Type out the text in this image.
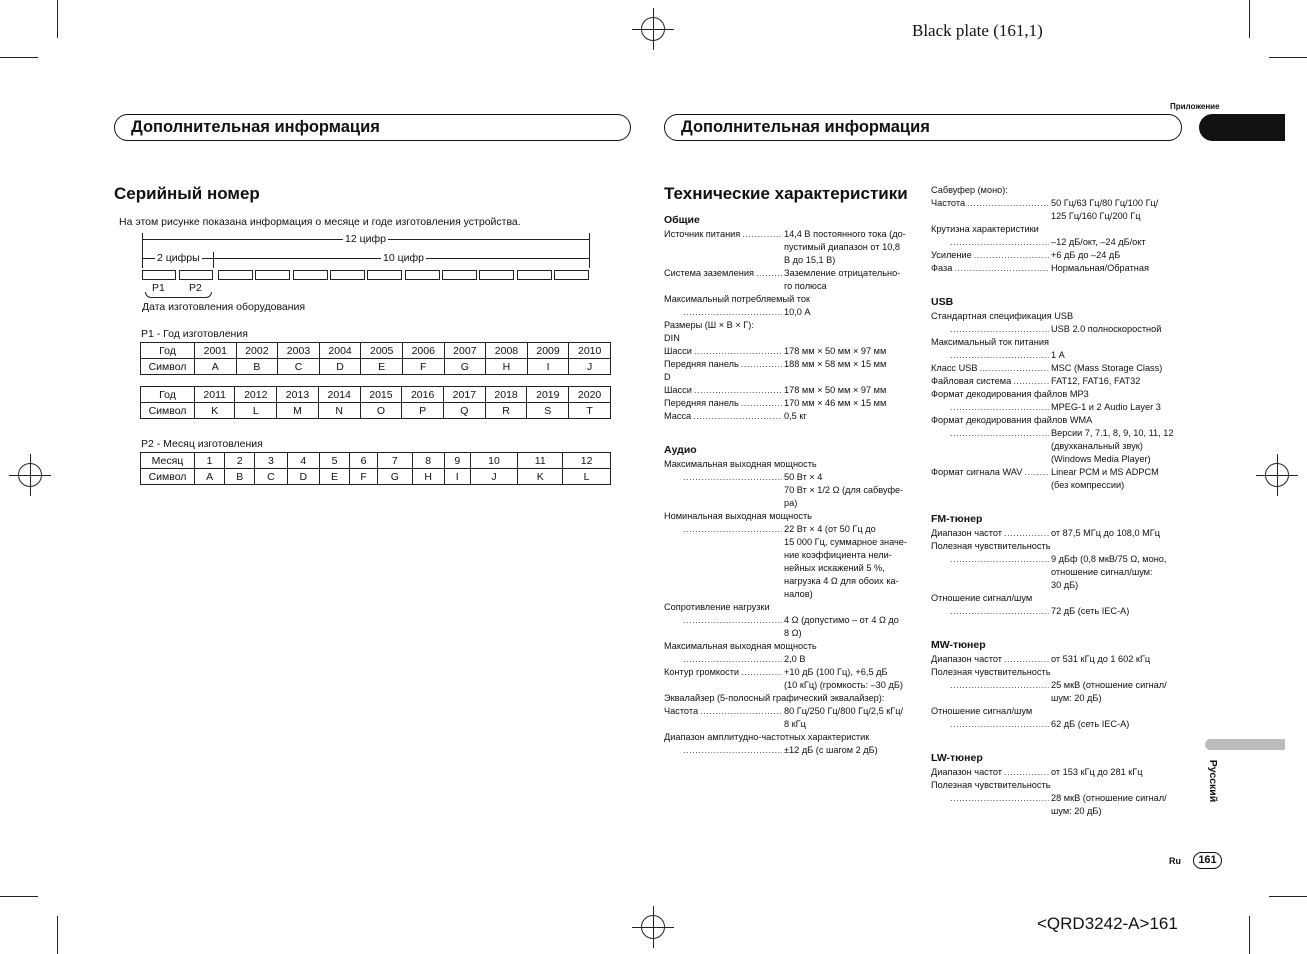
Black plate (161,1)
<QRD3242-A>161
Дополнительная информация	Дополнительная информация
Приложение
Русский
Ru	161
Серийный номер
На этом рисунке показана информация о месяце и годе изготовления устройства.
12 цифр
2 цифры	10 цифр
P1 P2
Дата изготовления оборудования
P1 - Год изготовления
Год	2001	2002	2003	2004	2005	2006	2007	2008	2009	2010
Символ	A	B	C	D	E	F	G	H	I	J
Год	2011	2012	2013	2014	2015	2016	2017	2018	2019	2020
Символ	K	L	M	N	O	P	Q	R	S	T
P2 - Месяц изготовления
Месяц	1	2	3	4	5	6	7	8	9	10	11	12
Символ	A	B	C	D	E	F	G	H	I	J	K	L
Технические характеристики
Общие
Источник питания .....	14,4 В постоянного тока (до-
пустимый диапазон от 10,8
В до 15,1 В)
Система заземления .....	Заземление отрицательно-
го полюса
Максимальный потребляемый ток
.....
10,0 А
Размеры (Ш × В × Г):
DIN
Шасси .....	178 мм × 50 мм × 97 мм
Передняя панель .....	188 мм × 58 мм × 15 мм
D
Шасси .....	178 мм × 50 мм × 97 мм
Передняя панель .....	170 мм × 46 мм × 15 мм
Масса .....	0,5 кг
Аудио
Максимальная выходная мощность
.....
50 Вт × 4
70 Вт × 1/2 Ω (для сабвуфе-
ра)
Номинальная выходная мощность
.....
22 Вт × 4 (от 50 Гц до
15 000 Гц, суммарное значе-
ние коэффициента нели-
нейных искажений 5 %,
нагрузка 4 Ω для обоих ка-
налов)
Сопротивление нагрузки
.....
4 Ω (допустимо – от 4 Ω до
8 Ω)
Максимальная выходная мощность
.....
2,0 В
Контур громкости .....	+10 дБ (100 Гц), +6,5 дБ
(10 кГц) (громкость: –30 дБ)
Эквалайзер (5-полосный графический эквалайзер):
Частота .....	80 Гц/250 Гц/800 Гц/2,5 кГц/
8 кГц
Диапазон амплитудно-частотных характеристик
.....
±12 дБ (с шагом 2 дБ)
Сабвуфер (моно):
Частота .....	50 Гц/63 Гц/80 Гц/100 Гц/
125 Гц/160 Гц/200 Гц
Крутизна характеристики
.....
–12 дБ/окт, –24 дБ/окт
Усиление .....	+6 дБ до –24 дБ
Фаза .....	Нормальная/Обратная
USB
Стандартная спецификация USB
.....
USB 2.0 полноскоростной
Максимальный ток питания
.....
1 А
Класс USB .....	MSC (Mass Storage Class)
Файловая система .....	FAT12, FAT16, FAT32
Формат декодирования файлов MP3
.....
MPEG-1 и 2 Audio Layer 3
Формат декодирования файлов WMA
.....
Версии 7, 7.1, 8, 9, 10, 11, 12
(двухканальный звук)
(Windows Media Player)
Формат сигнала WAV .....	Linear PCM и MS ADPCM
(без компрессии)
FM-тюнер
Диапазон частот .....	от 87,5 МГц до 108,0 МГц
Полезная чувствительность
.....
9 дБф (0,8 мкВ/75 Ω, моно,
отношение сигнал/шум:
30 дБ)
Отношение сигнал/шум
.....
72 дБ (сеть IEC-A)
MW-тюнер
Диапазон частот .....	от 531 кГц до 1 602 кГц
Полезная чувствительность
.....
25 мкВ (отношение сигнал/
шум: 20 дБ)
Отношение сигнал/шум
.....
62 дБ (сеть IEC-A)
LW-тюнер
Диапазон частот .....	от 153 кГц до 281 кГц
Полезная чувствительность
.....
28 мкВ (отношение сигнал/
шум: 20 дБ)
